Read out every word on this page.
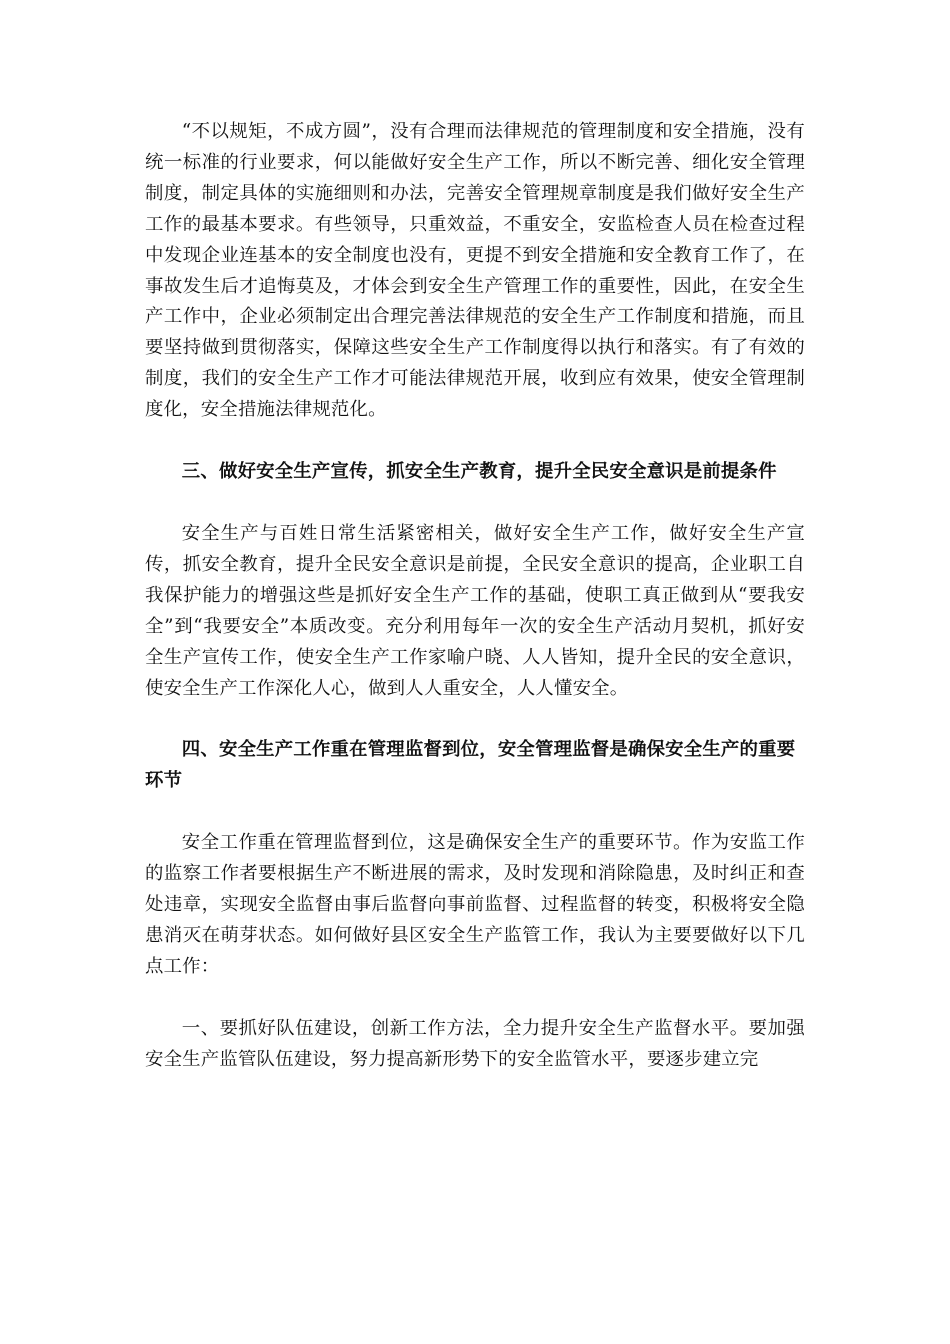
“不以规矩，不成方圆”，没有合理而法律规范的管理制度和安全措施，没有统一标准的行业要求，何以能做好安全生产工作，所以不断完善、细化安全管理制度，制定具体的实施细则和办法，完善安全管理规章制度是我们做好安全生产工作的最基本要求。有些领导，只重效益，不重安全，安监检查人员在检查过程中发现企业连基本的安全制度也没有，更提不到安全措施和安全教育工作了，在事故发生后才追悔莫及，才体会到安全生产管理工作的重要性，因此，在安全生产工作中，企业必须制定出合理完善法律规范的安全生产工作制度和措施，而且要坚持做到贯彻落实，保障这些安全生产工作制度得以执行和落实。有了有效的制度，我们的安全生产工作才可能法律规范开展，收到应有效果，使安全管理制度化，安全措施法律规范化。

三、做好安全生产宣传，抓安全生产教育，提升全民安全意识是前提条件

安全生产与百姓日常生活紧密相关，做好安全生产工作，做好安全生产宣传，抓安全教育，提升全民安全意识是前提，全民安全意识的提高，企业职工自我保护能力的增强这些是抓好安全生产工作的基础，使职工真正做到从“要我安全”到“我要安全”本质改变。充分利用每年一次的安全生产活动月契机，抓好安全生产宣传工作，使安全生产工作家喻户晓、人人皆知，提升全民的安全意识，使安全生产工作深化人心，做到人人重安全，人人懂安全。

四、安全生产工作重在管理监督到位，安全管理监督是确保安全生产的重要环节

安全工作重在管理监督到位，这是确保安全生产的重要环节。作为安监工作的监察工作者要根据生产不断进展的需求，及时发现和消除隐患，及时纠正和查处违章，实现安全监督由事后监督向事前监督、过程监督的转变，积极将安全隐患消灭在萌芽状态。如何做好县区安全生产监管工作，我认为主要要做好以下几点工作：

一、要抓好队伍建设，创新工作方法，全力提升安全生产监督水平。要加强安全生产监管队伍建设，努力提高新形势下的安全监管水平，要逐步建立完
